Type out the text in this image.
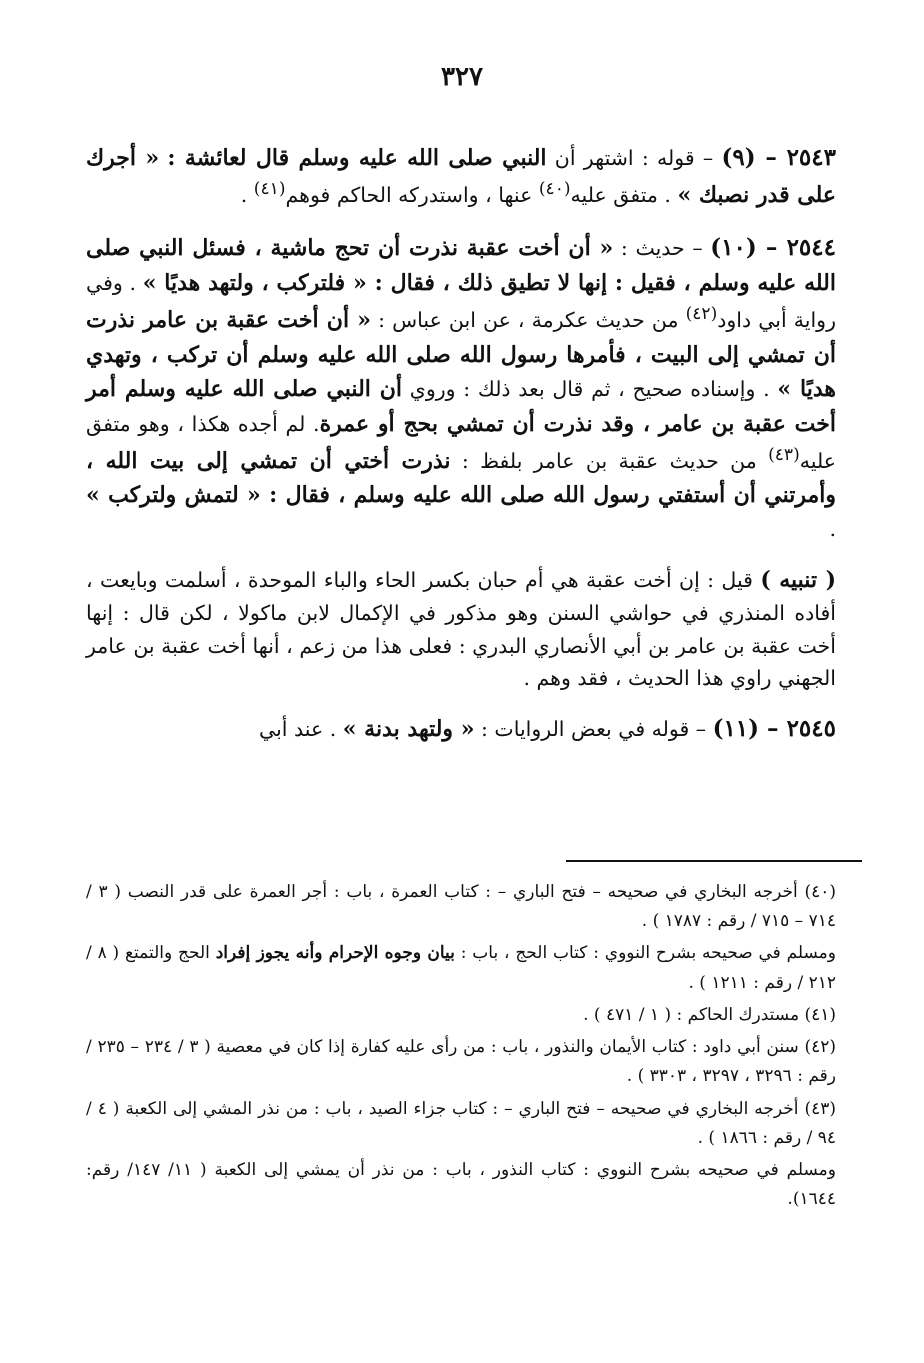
٣٢٧

٢٥٤٣ – (٩) – قوله : اشتهر أن النبي صلى الله عليه وسلم قال لعائشة : « أجرك على قدر نصبك » . متفق عليه$^{(٤٠)}$ عنها ، واستدركه الحاكم فوهم$^{(٤١)}$ .

٢٥٤٤ – (١٠) – حديث : « أن أخت عقبة نذرت أن تحج ماشية ، فسئل النبي صلى الله عليه وسلم ، فقيل : إنها لا تطيق ذلك ، فقال : « فلتركب ، ولتهد هديًا » . وفي رواية أبي داود$^{(٤٢)}$ من حديث عكرمة ، عن ابن عباس : « أن أخت عقبة بن عامر نذرت أن تمشي إلى البيت ، فأمرها رسول الله صلى الله عليه وسلم أن تركب ، وتهدي هديًا » . وإسناده صحيح ، ثم قال بعد ذلك : ورو‌ي أن النبي صلى الله عليه وسلم أمر أخت عقبة بن عامر ، وقد نذرت أن تمشي بحج أو عمرة. لم أجده هكذا ، وهو متفق عليه$^{(٤٣)}$ من حديث عقبة بن عامر بلفظ : نذرت أختي أن تمشي إلى بيت الله ، وأمرتني أن أستفتي رسول الله صلى الله عليه وسلم ، فقال : « لتمش ولتركب » .

( تنبيه ) قيل : إن أخت عقبة هي أم حبان بكسر الحاء والباء الموحدة ، أسلمت وبايعت ، أفاده المنذري في حواشي السنن وهو مذكور في الإكمال لابن ماكولا ، لكن قال : إنها أخت عقبة بن عامر بن أبي الأنصاري البدري : فعلى هذا من زعم ، أنها أخت عقبة بن عامر الجهني راوي هذا الحديث ، فقد وهم .

٢٥٤٥ – (١١) – قوله في بعض الروايات : « ولتهد بدنة » . عند أبي

(٤٠) أخرجه البخاري في صحيحه – فتح الباري – : كتاب العمرة ، باب : أجر العمرة على قدر النصب ( ٣ / ٧١٤ – ٧١٥ / رقم : ١٧٨٧ ) .

ومسلم في صحيحه بشرح النووي : كتاب الحج ، باب : بيان وجوه الإحرام وأنه يجوز إفراد الحج والتمتع ( ٨ / ٢١٢ / رقم : ١٢١١ ) .

(٤١) مستدرك الحاكم : ( ١ / ٤٧١ ) .

(٤٢) سنن أبي داود : كتاب الأيمان والنذور ، باب : من رأى عليه كفارة إذا كان في معصية ( ٣ / ٢٣٤ – ٢٣٥ / رقم : ٣٢٩٦ ، ٣٢٩٧ ، ٣٣٠٣ ) .

(٤٣) أخرجه البخاري في صحيحه – فتح الباري – : كتاب جزاء الصيد ، باب : من نذر المشي إلى الكعبة ( ٤ / ٩٤ / رقم : ١٨٦٦ ) .

ومسلم في صحيحه بشرح النووي : كتاب النذور ، باب : من نذر أن يمشي إلى الكعبة ( ١١/ ١٤٧/ رقم: ١٦٤٤).
